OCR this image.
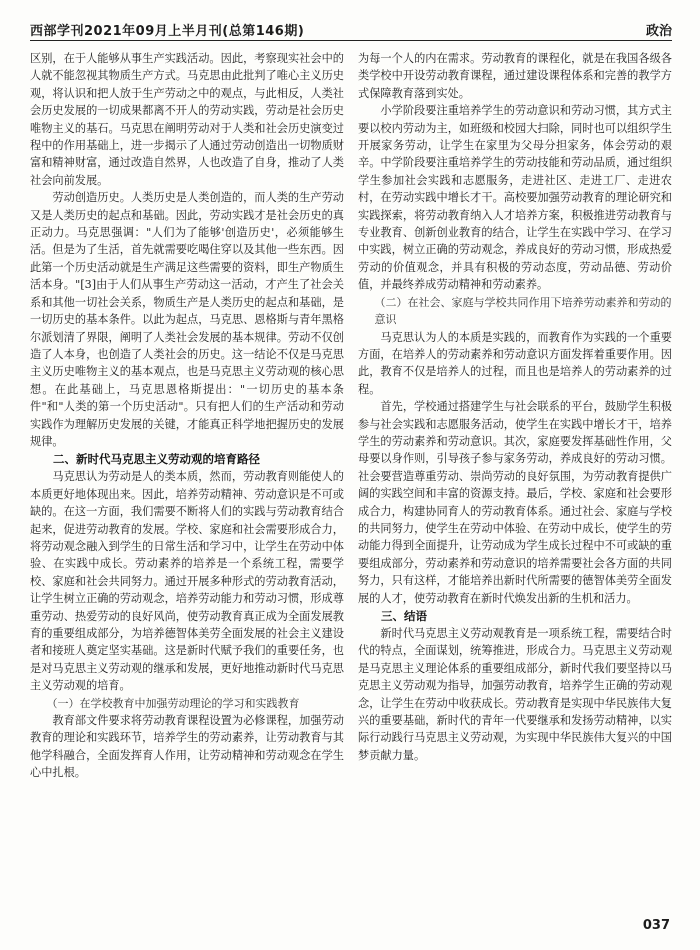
西部学刊2021年09月上半月刊(总第146期)	政治

区别，在于人能够从事生产实践活动。因此，考察现实社会中的人就不能忽视其物质生产方式。马克思由此批判了唯心主义历史观，将认识和把人放于生产劳动之中的观点，与此相反，人类社会历史发展的一切成果都离不开人的劳动实践，劳动是社会历史唯物主义的基石。马克思在阐明劳动对于人类和社会历史演变过程中的作用基础上，进一步揭示了人通过劳动创造出一切物质财富和精神财富，通过改造自然界，人也改造了自身，推动了人类社会向前发展。

劳动创造历史。人类历史是人类创造的，而人类的生产劳动又是人类历史的起点和基础。因此，劳动实践才是社会历史的真正动力。马克思强调："人们为了能够'创造历史'，必须能够生活。但是为了生活，首先就需要吃喝住穿以及其他一些东西。因此第一个历史活动就是生产满足这些需要的资料，即生产物质生活本身。"[3]由于人们从事生产劳动这一活动，才产生了社会关系和其他一切社会关系，物质生产是人类历史的起点和基础，是一切历史的基本条件。以此为起点，马克思、恩格斯与青年黑格尔派划清了界限，阐明了人类社会发展的基本规律。劳动不仅创造了人本身，也创造了人类社会的历史。这一结论不仅是马克思主义历史唯物主义的基本观点，也是马克思主义劳动观的核心思想。在此基础上，马克思恩格斯提出："一切历史的基本条件"和"人类的第一个历史活动"。只有把人们的生产活动和劳动实践作为理解历史发展的关键，才能真正科学地把握历史的发展规律。

二、新时代马克思主义劳动观的培育路径

马克思认为劳动是人的类本质，然而，劳动教育则能使人的本质更好地体现出来。因此，培养劳动精神、劳动意识是不可或缺的。在这一方面，我们需要不断将人们的实践与劳动教育结合起来，促进劳动教育的发展。学校、家庭和社会需要形成合力，将劳动观念融入到学生的日常生活和学习中，让学生在劳动中体验、在实践中成长。劳动素养的培养是一个系统工程，需要学校、家庭和社会共同努力。通过开展多种形式的劳动教育活动，让学生树立正确的劳动观念，培养劳动能力和劳动习惯，形成尊重劳动、热爱劳动的良好风尚，使劳动教育真正成为全面发展教育的重要组成部分，为培养德智体美劳全面发展的社会主义建设者和接班人奠定坚实基础。这是新时代赋予我们的重要任务，也是对马克思主义劳动观的继承和发展，更好地推动新时代马克思主义劳动观的培育。

（一）在学校教育中加强劳动理论的学习和实践教育

教育部文件要求将劳动教育课程设置为必修课程，加强劳动教育的理论和实践环节，培养学生的劳动素养，让劳动教育与其他学科融合，全面发挥育人作用，让劳动精神和劳动观念在学生心中扎根。

为每一个人的内在需求。劳动教育的课程化，就是在我国各级各类学校中开设劳动教育课程，通过建设课程体系和完善的教学方式保障教育落到实处。

小学阶段要注重培养学生的劳动意识和劳动习惯，其方式主要以校内劳动为主，如班级和校园大扫除，同时也可以组织学生开展家务劳动，让学生在家里为父母分担家务，体会劳动的艰辛。中学阶段要注重培养学生的劳动技能和劳动品质，通过组织学生参加社会实践和志愿服务，走进社区、走进工厂、走进农村，在劳动实践中增长才干。高校要加强劳动教育的理论研究和实践探索，将劳动教育纳入人才培养方案，积极推进劳动教育与专业教育、创新创业教育的结合，让学生在实践中学习、在学习中实践，树立正确的劳动观念，养成良好的劳动习惯，形成热爱劳动的价值观念，并具有积极的劳动态度，劳动品德、劳动价值，并最终养成劳动精神和劳动素养。

（二）在社会、家庭与学校共同作用下培养劳动素养和劳动的意识

马克思认为人的本质是实践的，而教育作为实践的一个重要方面，在培养人的劳动素养和劳动意识方面发挥着重要作用。因此，教育不仅是培养人的过程，而且也是培养人的劳动素养的过程。

首先，学校通过搭建学生与社会联系的平台，鼓励学生积极参与社会实践和志愿服务活动，使学生在实践中增长才干，培养学生的劳动素养和劳动意识。其次，家庭要发挥基础性作用，父母要以身作则，引导孩子参与家务劳动，养成良好的劳动习惯。社会要营造尊重劳动、崇尚劳动的良好氛围，为劳动教育提供广阔的实践空间和丰富的资源支持。最后，学校、家庭和社会要形成合力，构建协同育人的劳动教育体系。通过社会、家庭与学校的共同努力，使学生在劳动中体验、在劳动中成长，使学生的劳动能力得到全面提升，让劳动成为学生成长过程中不可或缺的重要组成部分，劳动素养和劳动意识的培养需要社会各方面的共同努力，只有这样，才能培养出新时代所需要的德智体美劳全面发展的人才，使劳动教育在新时代焕发出新的生机和活力。

三、结语

新时代马克思主义劳动观教育是一项系统工程，需要结合时代的特点，全面谋划，统筹推进，形成合力。马克思主义劳动观是马克思主义理论体系的重要组成部分，新时代我们要坚持以马克思主义劳动观为指导，加强劳动教育，培养学生正确的劳动观念，让学生在劳动中收获成长。劳动教育是实现中华民族伟大复兴的重要基础，新时代的青年一代要继承和发扬劳动精神，以实际行动践行马克思主义劳动观，为实现中华民族伟大复兴的中国梦贡献力量。

037
